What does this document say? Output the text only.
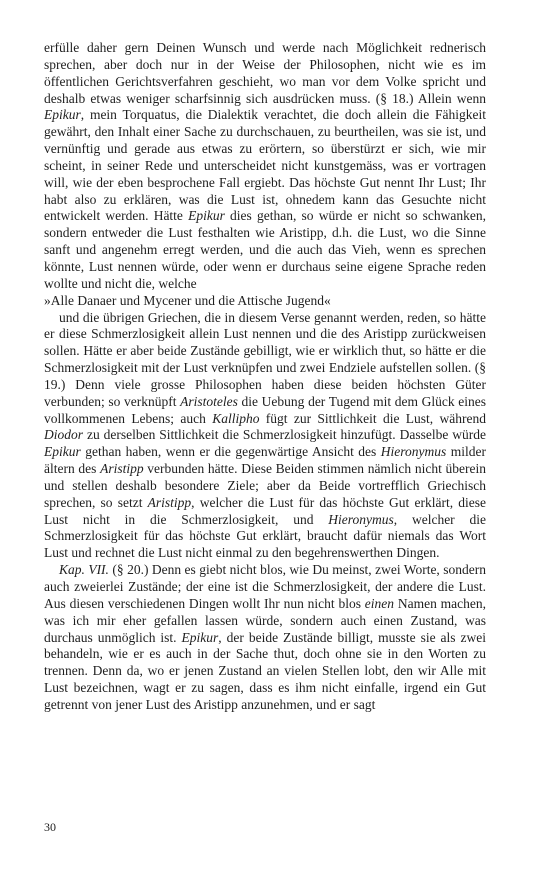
erfülle daher gern Deinen Wunsch und werde nach Möglichkeit rednerisch sprechen, aber doch nur in der Weise der Philosophen, nicht wie es im öffentlichen Gerichtsverfahren geschieht, wo man vor dem Volke spricht und deshalb etwas weniger scharfsinnig sich ausdrücken muss. (§ 18.) Allein wenn Epikur, mein Torquatus, die Dialektik verachtet, die doch allein die Fähigkeit gewährt, den Inhalt einer Sache zu durchschauen, zu beurtheilen, was sie ist, und vernünftig und gerade aus etwas zu erörtern, so überstürzt er sich, wie mir scheint, in seiner Rede und unterscheidet nicht kunstgemäss, was er vortragen will, wie der eben besprochene Fall ergiebt. Das höchste Gut nennt Ihr Lust; Ihr habt also zu erklären, was die Lust ist, ohnedem kann das Gesuchte nicht entwickelt werden. Hätte Epikur dies gethan, so würde er nicht so schwanken, sondern entweder die Lust festhalten wie Aristipp, d.h. die Lust, wo die Sinne sanft und angenehm erregt werden, und die auch das Vieh, wenn es sprechen könnte, Lust nennen würde, oder wenn er durchaus seine eigene Sprache reden wollte und nicht die, welche

»Alle Danaer und Mycener und die Attische Jugend«

und die übrigen Griechen, die in diesem Verse genannt werden, reden, so hätte er diese Schmerzlosigkeit allein Lust nennen und die des Aristipp zurückweisen sollen. Hätte er aber beide Zustände gebilligt, wie er wirklich thut, so hätte er die Schmerzlosigkeit mit der Lust verknüpfen und zwei Endziele aufstellen sollen. (§ 19.) Denn viele grosse Philosophen haben diese beiden höchsten Güter verbunden; so verknüpft Aristoteles die Uebung der Tugend mit dem Glück eines vollkommenen Lebens; auch Kallipho fügt zur Sittlichkeit die Lust, während Diodor zu derselben Sittlichkeit die Schmerzlosigkeit hinzufügt. Dasselbe würde Epikur gethan haben, wenn er die gegenwärtige Ansicht des Hieronymus milder ältern des Aristipp verbunden hätte. Diese Beiden stimmen nämlich nicht überein und stellen deshalb besondere Ziele; aber da Beide vortrefflich Griechisch sprechen, so setzt Aristipp, welcher die Lust für das höchste Gut erklärt, diese Lust nicht in die Schmerzlosigkeit, und Hieronymus, welcher die Schmerzlosigkeit für das höchste Gut erklärt, braucht dafür niemals das Wort Lust und rechnet die Lust nicht einmal zu den begehrenswerthen Dingen.

Kap. VII. (§ 20.) Denn es giebt nicht blos, wie Du meinst, zwei Worte, sondern auch zweierlei Zustände; der eine ist die Schmerzlosigkeit, der andere die Lust. Aus diesen verschiedenen Dingen wollt Ihr nun nicht blos einen Namen machen, was ich mir eher gefallen lassen würde, sondern auch einen Zustand, was durchaus unmöglich ist. Epikur, der beide Zustände billigt, musste sie als zwei behandeln, wie er es auch in der Sache thut, doch ohne sie in den Worten zu trennen. Denn da, wo er jenen Zustand an vielen Stellen lobt, den wir Alle mit Lust bezeichnen, wagt er zu sagen, dass es ihm nicht einfalle, irgend ein Gut getrennt von jener Lust des Aristipp anzunehmen, und er sagt

30
